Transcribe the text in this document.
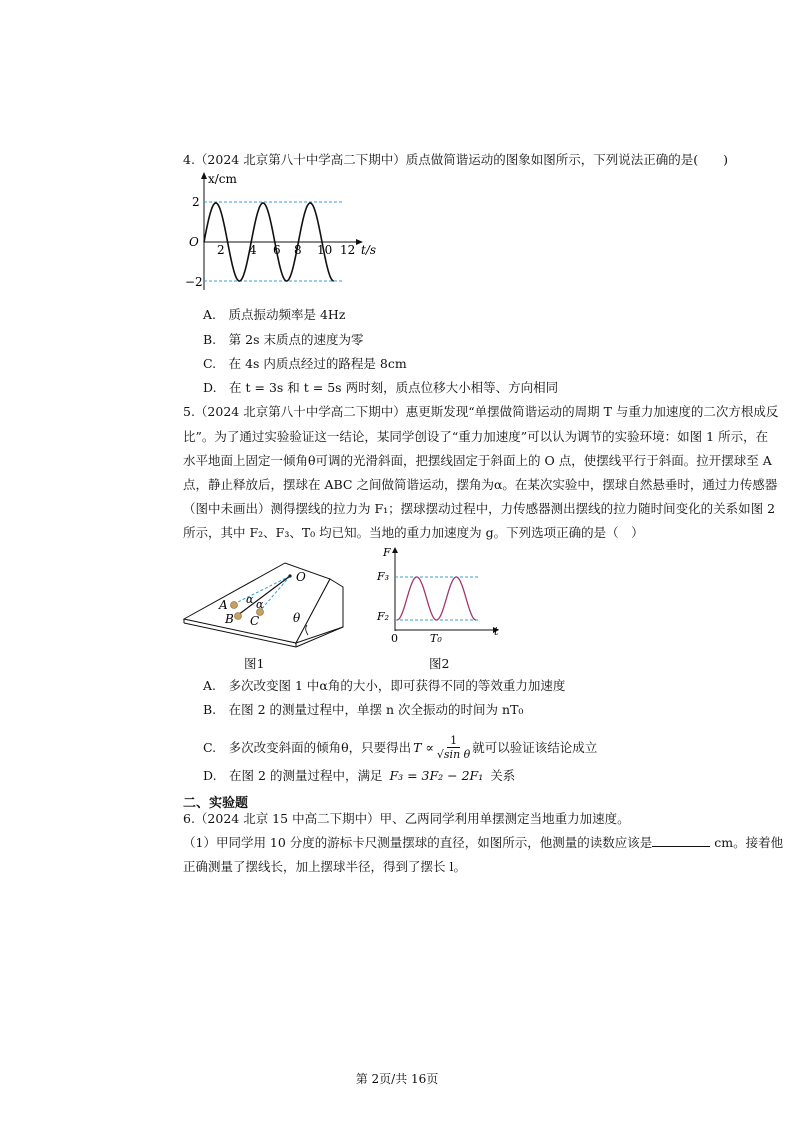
4.（2024 北京第八十中学高二下期中）质点做简谐运动的图象如图所示，下列说法正确的是(　　)
x/cm
2
O
−2
2 4 6 8 10 12 t/s
A.　质点振动频率是 4Hz
B.　第 2s 末质点的速度为零
C.　在 4s 内质点经过的路程是 8cm
D.　在 t = 3s 和 t = 5s 两时刻，质点位移大小相等、方向相同
5.（2024 北京第八十中学高二下期中）惠更斯发现“单摆做简谐运动的周期 T 与重力加速度的二次方根成反
比”。为了通过实验验证这一结论，某同学创设了“重力加速度”可以认为调节的实验环境：如图 1 所示，在
水平地面上固定一倾角θ可调的光滑斜面，把摆线固定于斜面上的 O 点，使摆线平行于斜面。拉开摆球至 A
点，静止释放后，摆球在 ABC 之间做简谐运动，摆角为α。在某次实验中，摆球自然悬垂时，通过力传感器
（图中未画出）测得摆线的拉力为 F₁；摆球摆动过程中，力传感器测出摆线的拉力随时间变化的关系如图 2
所示，其中 F₂、F₃、T₀ 均已知。当地的重力加速度为 g。下列选项正确的是（　）
O
A
B C
α α
θ
图1
F
F₃
F₂
0	T₀
t
图2
A.　多次改变图 1 中α角的大小，即可获得不同的等效重力加速度
B.　在图 2 的测量过程中，单摆 n 次全振动的时间为 nT₀
C.　多次改变斜面的倾角θ，只要得出 $T \propto \frac{1}{\text{√sin θ}}$ 就可以验证该结论成立
D.　在图 2 的测量过程中，满足 F₃ = 3F₂ − 2F₁ 关系
二、实验题
6.（2024 北京 15 中高二下期中）甲、乙两同学利用单摆测定当地重力加速度。
（1）甲同学用 10 分度的游标卡尺测量摆球的直径，如图所示，他测量的读数应该是	cm。接着他
正确测量了摆线长，加上摆球半径，得到了摆长 l。
第 2页/共 16页
